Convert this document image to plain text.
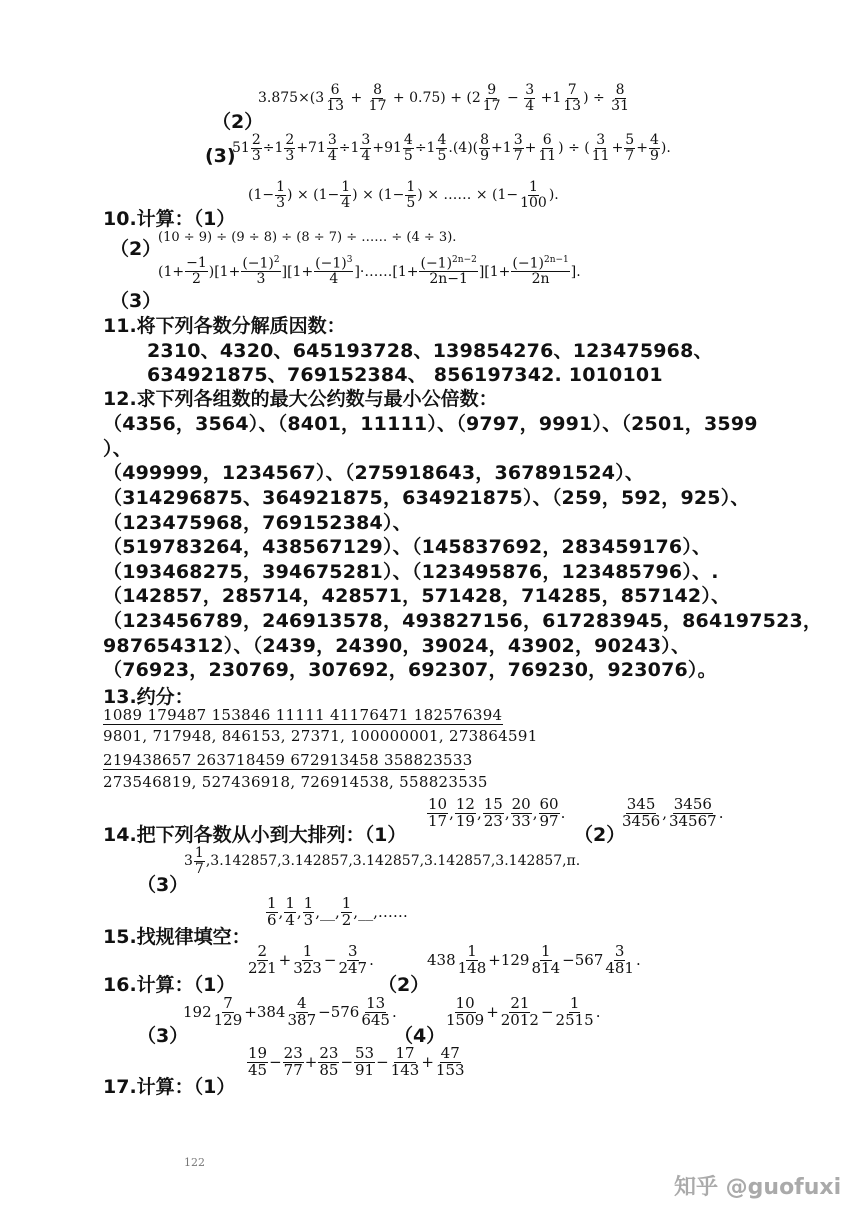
（2）
3.875×(3
6
$13 + \frac{8}{17} + 0.75) + (2$
9
$17 - \frac{3}{4} +1$
7
13 ) ÷ $\frac{8}{31}$
(3)
$51 \frac{2}{3} \div 1$
2
$3 +71 \frac{3}{4} \div 1$
3
$4 +91 \frac{4}{5} \div 1$
4
5 .(4) (
8
9 +1
3
$7 + \frac{6}{11}$ ) ÷ (
3
$11 + \frac{5}{7} + \frac{4}{9}$ ).
10.计算：（1）
($1- \frac{1}{3}$ ) × ($1- \frac{1}{4}$ ) × ($1- \frac{1}{5}$ ) × …… × ($1- \frac{1}{100}$ ).
（2）
(10 ÷ 9) ÷ (9 ÷ 8) ÷ (8 ÷ 7) ÷ …… ÷ (4 ÷ 3).
（3）
$(1+ \frac{-1}{2} )[1+ \frac{(-1)^2}{3} ][1+ \frac{(-1)^3}{4}$ ]·……[1+ $\frac{(-1)^{2n-2}}{2n-1} ][1+ \frac{(-1)^{2n-1}}{2n}$ ].
11.将下列各数分解质因数：
2310、4320、645193728、139854276、123475968、
634921875、769152384、 856197342. 1010101
12.求下列各组数的最大公约数与最小公倍数：
（4356，3564）、（8401，11111）、（9797，9991）、（2501，3599
）、
（499999，1234567）、（275918643，367891524）、
（314296875、364921875，634921875）、（259，592，925）、
（123475968，769152384）、
（519783264，438567129）、（145837692，283459176）、
（193468275，394675281）、（123495876，123485796）、.
（142857，285714，428571，571428，714285，857142）、
（123456789，246913578，493827156，617283945，864197523，
987654312）、（2439，24390，39024，43902，90243）、
（76923，230769，307692，692307，769230，923076）。
13.约分：
1089 179487 153846 11111 41176471 182576394
9801, 717948, 846153, 27371, 100000001, 273864591
219438657 263718459 672913458 358823533
273546819, 527436918, 726914538, 558823535
14.把下列各数从小到大排列：（1）
10
17 ,
12
19 ,
15
23 ,
20
33 ,
60
97 .
（2）
345
3456 ,
3456
34567 .
3
1
7 ,3.142857,3.142857,3.142857,3.142857,3.142857,π.
（3）
1
6 ,
1
4 ,
1
3 ,__,
1
2 ,__,……
15.找规律填空：
16.计算：（1）
2
$221 + \frac{1}{323} - \frac{3}{247}$ .
（2）
438
1
148 +129
1
814 −567
3
481 .
（3）
192
7
129 +384
4
387 −576
13
645 .
（4）
10
$1509 + \frac{21}{2012} - \frac{1}{2515}$ .
17.计算：（1）
19
$45 - \frac{23}{77} + \frac{23}{85} - \frac{53}{91} - \frac{17}{143} + \frac{47}{153}$
122
知乎 @guofuxi
